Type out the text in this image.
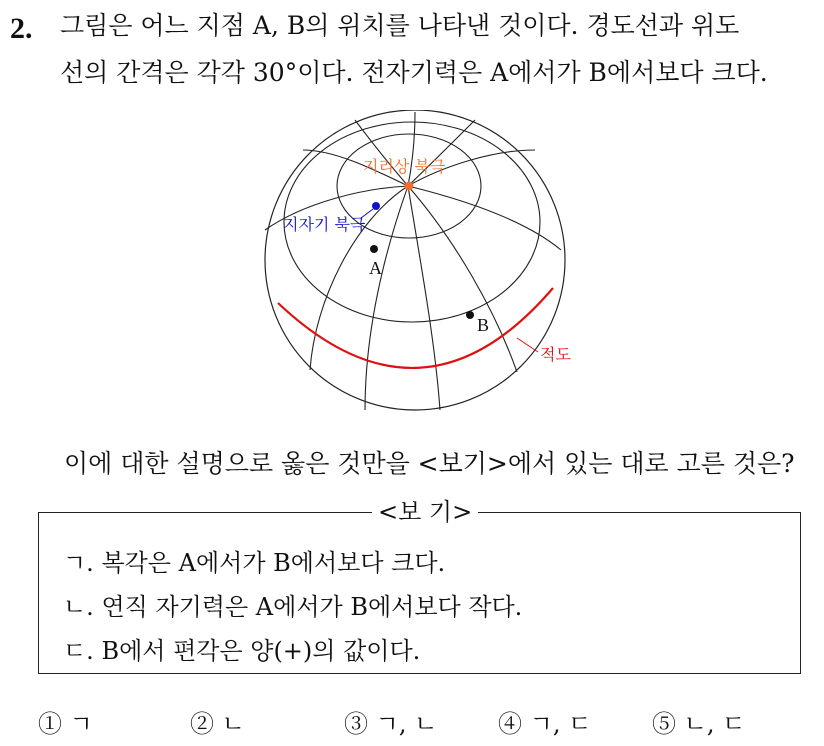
2. 그림은 어느 지점 A, B의 위치를 나타낸 것이다. 경도선과 위도
선의 간격은 각각 30°이다. 전자기력은 A에서가 B에서보다 크다.
지리상 북극
지자기 북극
A
B
적도
이에 대한 설명으로 옳은 것만을 <보기>에서 있는 대로 고른 것은?
<보 기>
ㄱ. 복각은 A에서가 B에서보다 크다.
ㄴ. 연직 자기력은 A에서가 B에서보다 작다.
ㄷ. B에서 편각은 양(+)의 값이다.
① ㄱ	② ㄴ	③ ㄱ, ㄴ	④ ㄱ, ㄷ	⑤ ㄴ, ㄷ
